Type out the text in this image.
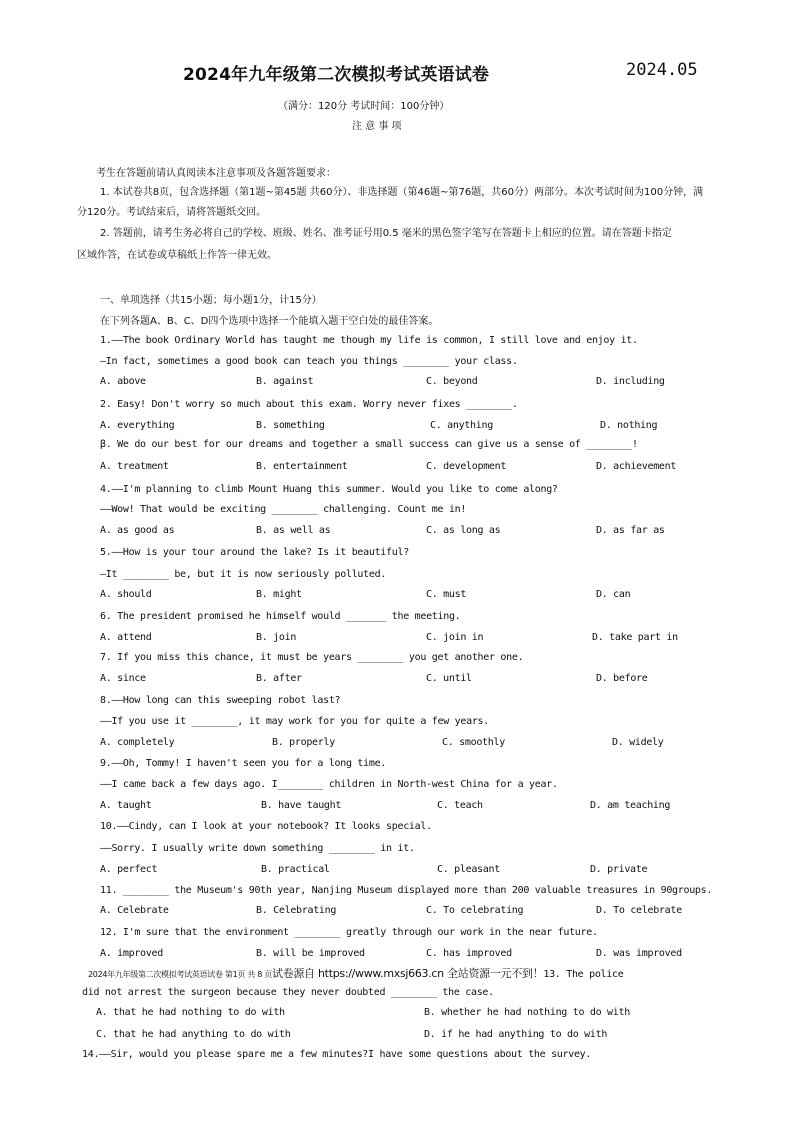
2024年九年级第二次模拟考试英语试卷	2024.05
（满分：120分 考试时间：100分钟）
注 意 事 项
考生在答题前请认真阅读本注意事项及各题答题要求：
1. 本试卷共8页，包含选择题（第1题~第45题 共60分）、非选择题（第46题~第76题，共60分）两部分。本次考试时间为100分钟，满
分120分。考试结束后，请将答题纸交回。
2. 答题前，请考生务必将自己的学校、班级、姓名、准考证号用0.5 毫米的黑色签字笔写在答题卡上相应的位置。请在答题卡指定
区域作答，在试卷或草稿纸上作答一律无效。
一、单项选择（共15小题；每小题1分，计15分）
在下列各题A、B、C、D四个选项中选择一个能填入题干空白处的最佳答案。
1.——The book Ordinary World has taught me though my life is common, I still love and enjoy it.
—In fact, sometimes a good book can teach you things ________ your class.
A. above	B. against	C. beyond	D. including
2. Easy! Don't worry so much about this exam. Worry never fixes ________.
A. everything	B. something	C. anything	D. nothing
β. We do our best for our dreams and together a small success can give us a sense of ________!
A. treatment	B. entertainment	C. development	D. achievement
4.——I'm planning to climb Mount Huang this summer. Would you like to come along?
——Wow! That would be exciting ________ challenging. Count me in!
A. as good as	B. as well as	C. as long as	D. as far as
5.——How is your tour around the lake? Is it beautiful?
—It ________ be, but it is now seriously polluted.
A. should	B. might	C. must	D. can
6. The president promised he himself would _______ the meeting.
A. attend	B. join	C. join in	D. take part in
7. If you miss this chance, it must be years ________ you get another one.
A. since	B. after	C. until	D. before
8.——How long can this sweeping robot last?
——If you use it ________, it may work for you for quite a few years.
A. completely	B. properly	C. smoothly	D. widely
9.——Oh, Tommy! I haven't seen you for a long time.
——I came back a few days ago. I________ children in North-west China for a year.
A. taught	B. have taught	C. teach	D. am teaching
10.——Cindy, can I look at your notebook? It looks special.
——Sorry. I usually write down something ________ in it.
A. perfect	B. practical	C. pleasant	D. private
11. ________ the Museum's 90th year, Nanjing Museum displayed more than 200 valuable treasures in 90groups.
A. Celebrate	B. Celebrating	C. To celebrating	D. To celebrate
12. I'm sure that the environment ________ greatly through our work in the near future.
A. improved	B. will be improved	C. has improved	D. was improved
2024年九年级第二次模拟考试英语试卷 第1页 共 8 页试卷源自 https://www.mxsj663.cn 全站资源一元不到！13. The police
did not arrest the surgeon because they never doubted ________ the case.
A. that he had nothing to do with	B. whether he had nothing to do with
C. that he had anything to do with	D. if he had anything to do with
14.——Sir, would you please spare me a few minutes?I have some questions about the survey.
